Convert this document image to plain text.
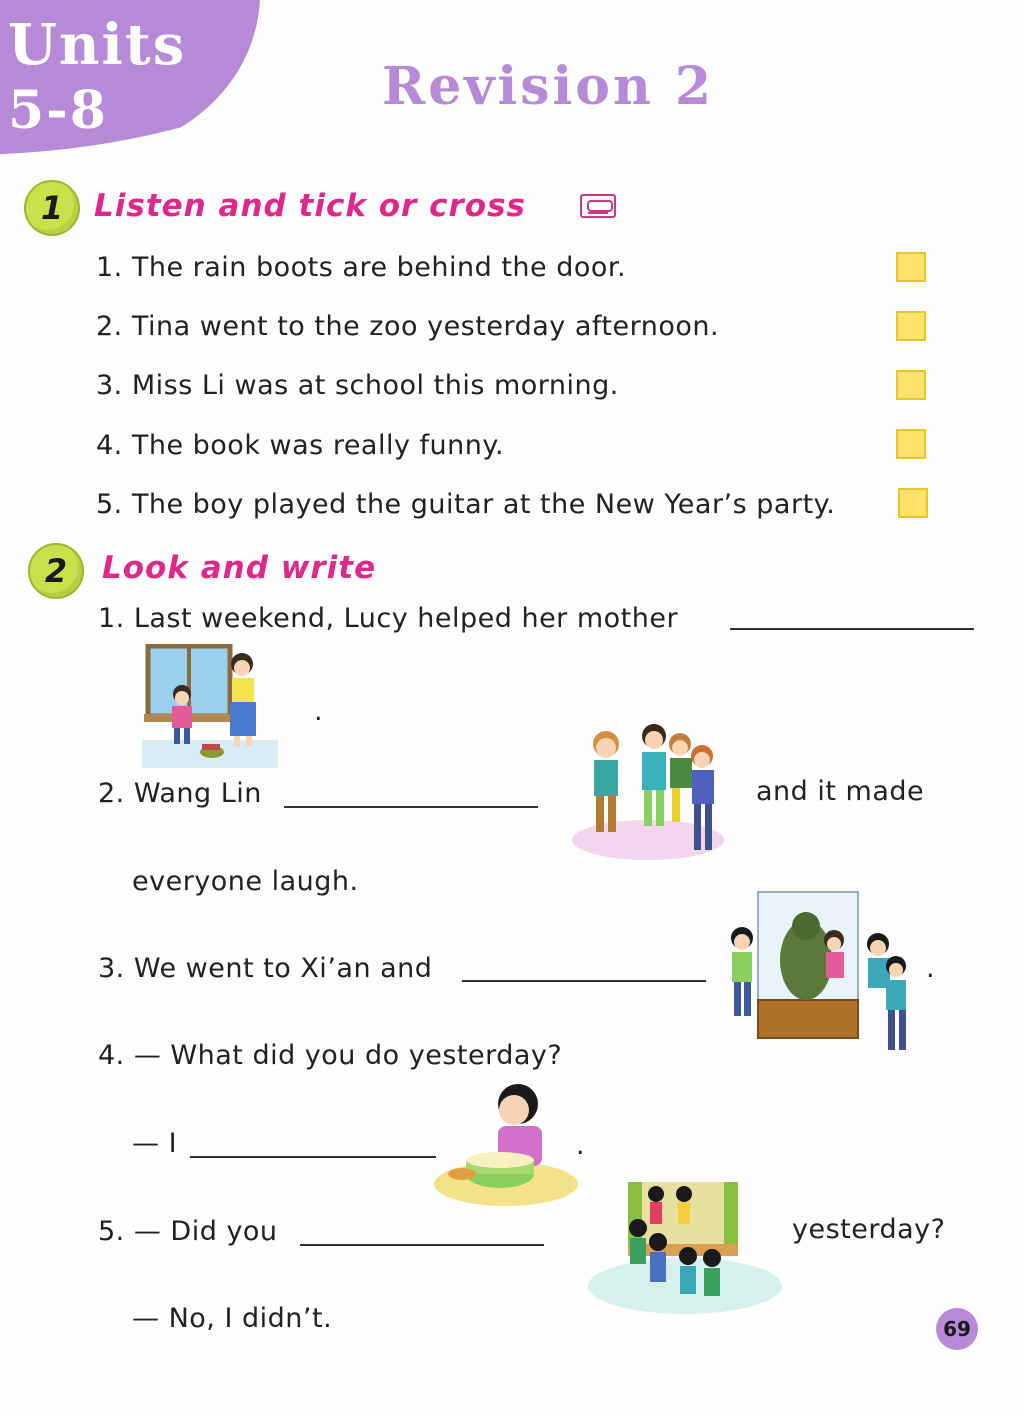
Units
5-8	Revision 2
1 Listen and tick or cross
1. The rain boots are behind the door.
2. Tina went to the zoo yesterday afternoon.
3. Miss Li was at school this morning.
4. The book was really funny.
5. The boy played the guitar at the New Year’s party.
2 Look and write
1. Last weekend, Lucy helped her mother
.
2. Wang Lin	and it made
everyone laugh.
3. We went to Xi’an and	.
4. — What did you do yesterday?
— I	.
5. — Did you	yesterday?
— No, I didn’t.	69
